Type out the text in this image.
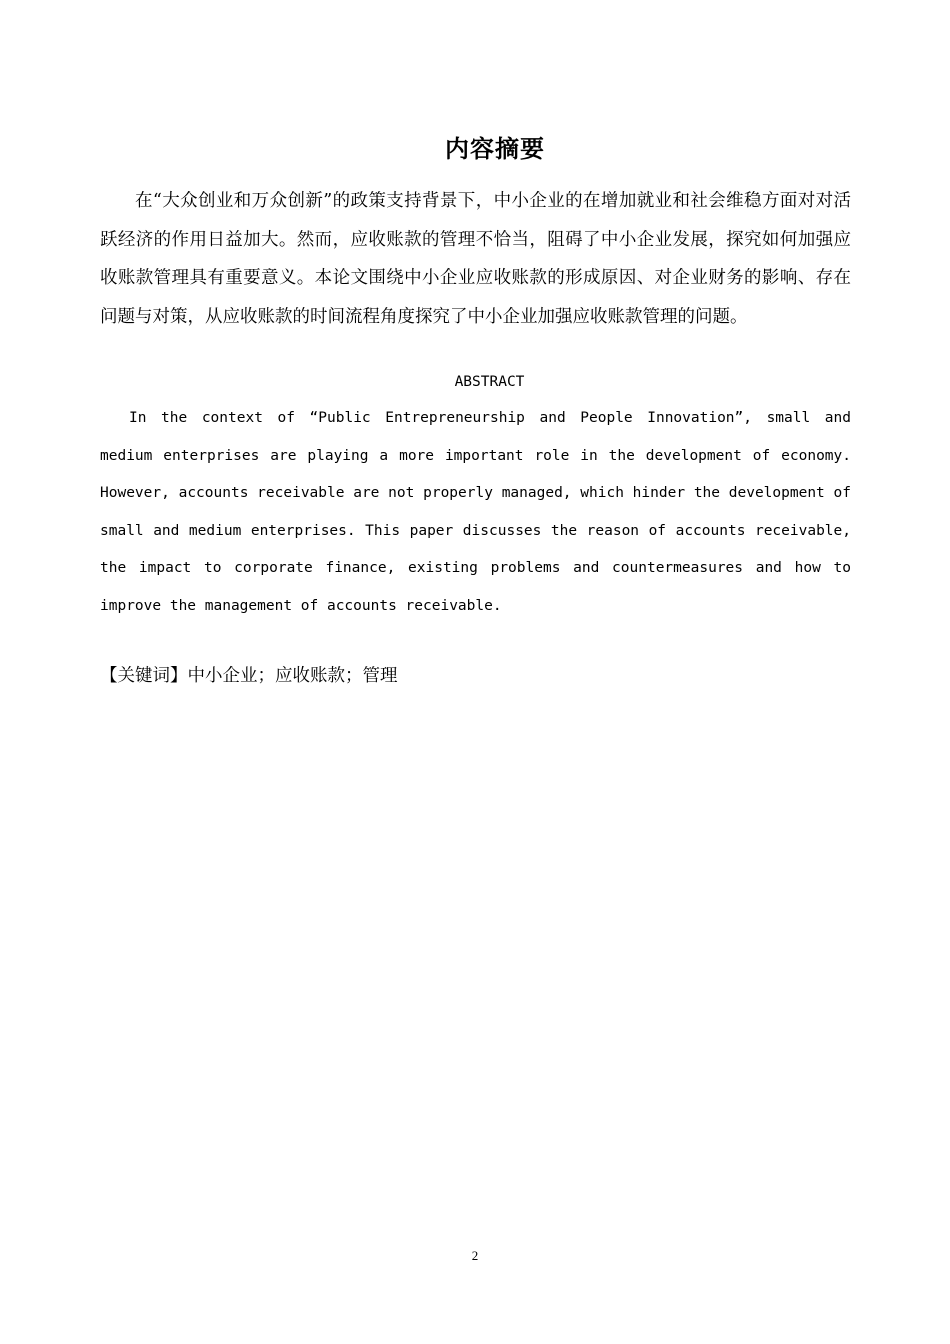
内容摘要

在“大众创业和万众创新”的政策支持背景下，中小企业的在增加就业和社会维稳方面对对活跃经济的作用日益加大。然而，应收账款的管理不恰当，阻碍了中小企业发展，探究如何加强应收账款管理具有重要意义。本论文围绕中小企业应收账款的形成原因、对企业财务的影响、存在问题与对策，从应收账款的时间流程角度探究了中小企业加强应收账款管理的问题。

ABSTRACT

In the context of “Public Entrepreneurship and People Innovation”, small and medium enterprises are playing a more important role in the development of economy. However, accounts receivable are not properly managed, which hinder the development of small and medium enterprises. This paper discusses the reason of accounts receivable, the impact to corporate finance, existing problems and countermeasures and how to improve the management of accounts receivable.

【关键词】中小企业；应收账款；管理
2
